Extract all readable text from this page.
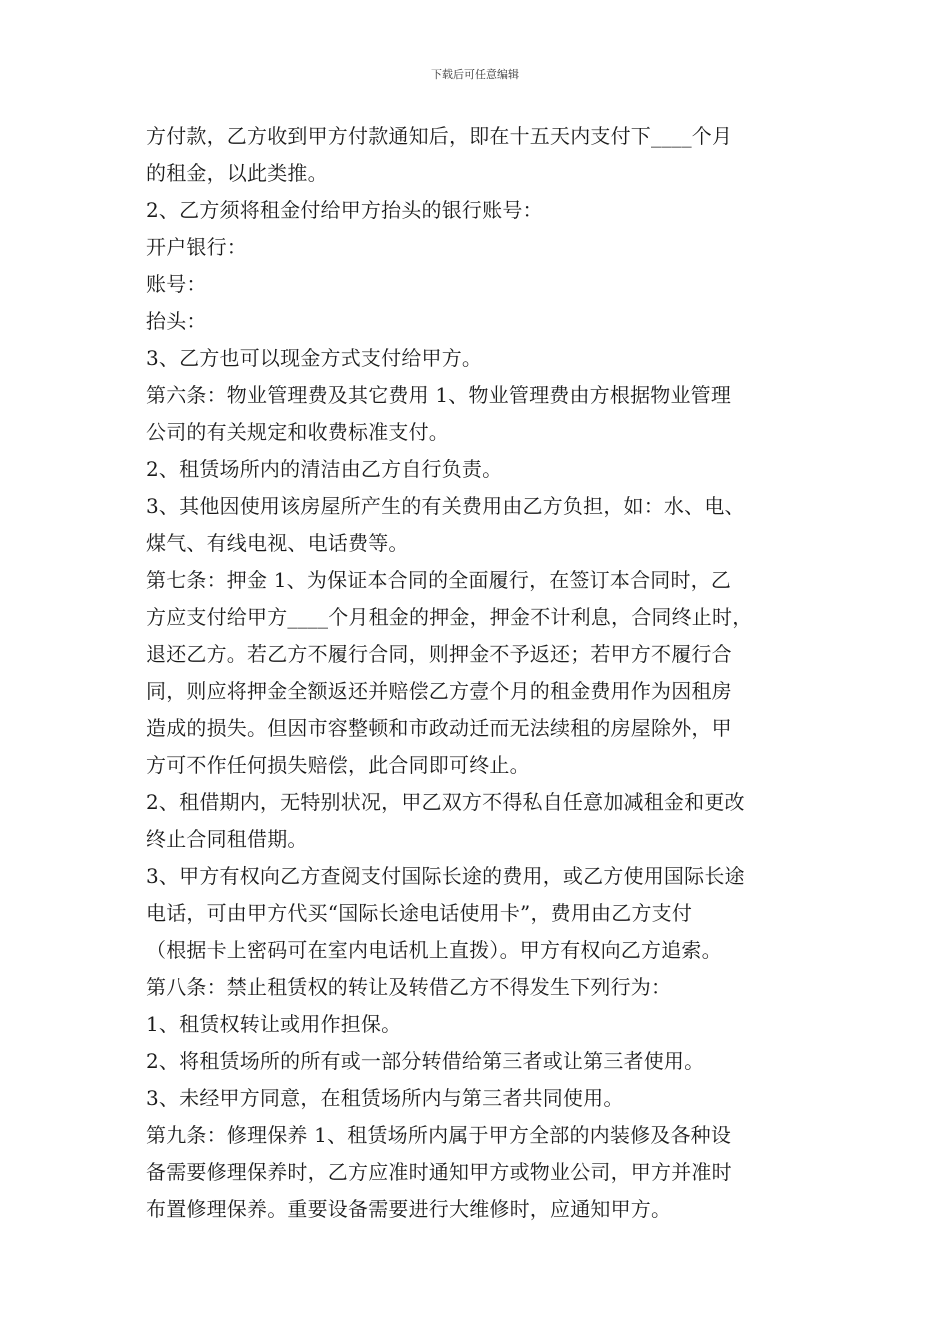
下载后可任意编辑
方付款，乙方收到甲方付款通知后，即在十五天内支付下____个月
的租金，以此类推。
2、乙方须将租金付给甲方抬头的银行账号：
开户银行：
账号：
抬头：
3、乙方也可以现金方式支付给甲方。
第六条：物业管理费及其它费用 1、物业管理费由方根据物业管理
公司的有关规定和收费标准支付。
2、租赁场所内的清洁由乙方自行负责。
3、其他因使用该房屋所产生的有关费用由乙方负担，如：水、电、
煤气、有线电视、电话费等。
第七条：押金 1、为保证本合同的全面履行，在签订本合同时，乙
方应支付给甲方____个月租金的押金，押金不计利息，合同终止时，
退还乙方。若乙方不履行合同，则押金不予返还；若甲方不履行合
同，则应将押金全额返还并赔偿乙方壹个月的租金费用作为因租房
造成的损失。但因市容整顿和市政动迁而无法续租的房屋除外，甲
方可不作任何损失赔偿，此合同即可终止。
2、租借期内，无特别状况，甲乙双方不得私自任意加减租金和更改
终止合同租借期。
3、甲方有权向乙方查阅支付国际长途的费用，或乙方使用国际长途
电话，可由甲方代买“国际长途电话使用卡”，费用由乙方支付
（根据卡上密码可在室内电话机上直拨）。甲方有权向乙方追索。
第八条：禁止租赁权的转让及转借乙方不得发生下列行为：
1、租赁权转让或用作担保。
2、将租赁场所的所有或一部分转借给第三者或让第三者使用。
3、未经甲方同意，在租赁场所内与第三者共同使用。
第九条：修理保养 1、租赁场所内属于甲方全部的内装修及各种设
备需要修理保养时，乙方应准时通知甲方或物业公司，甲方并准时
布置修理保养。重要设备需要进行大维修时，应通知甲方。
